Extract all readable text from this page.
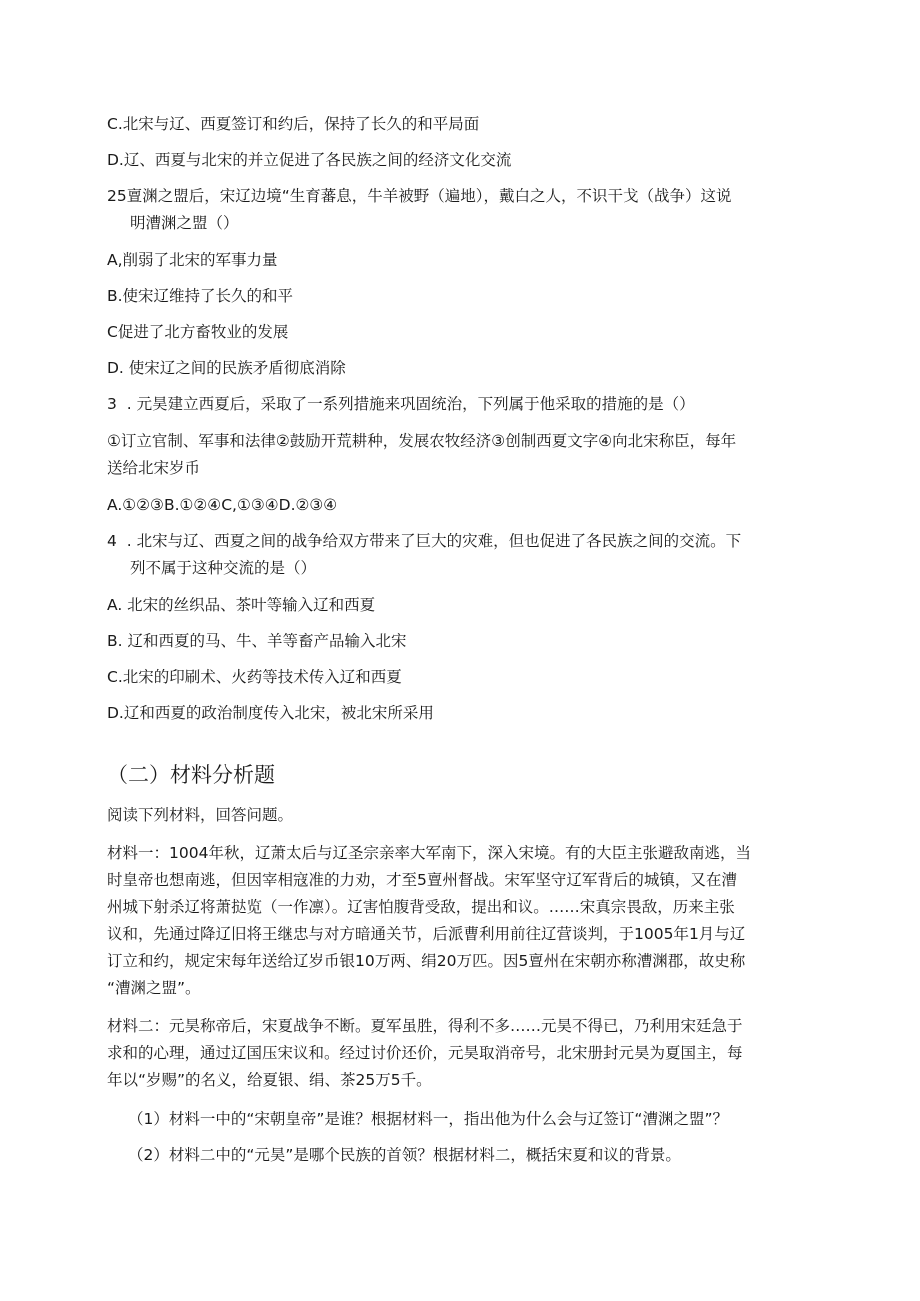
C.北宋与辽、西夏签订和约后，保持了长久的和平局面
D.辽、西夏与北宋的并立促进了各民族之间的经济文化交流
25亶渊之盟后，宋辽边境“生育蕃息，牛羊被野（遍地），戴白之人，不识干戈（战争）这说
明漕渊之盟（）
A,削弱了北宋的军事力量
B.使宋辽维持了长久的和平
C促进了北方畜牧业的发展
D. 使宋辽之间的民族矛盾彻底消除
3  . 元昊建立西夏后，采取了一系列措施来巩固统治，下列属于他采取的措施的是（）
①订立官制、军事和法律②鼓励开荒耕种，发展农牧经济③创制西夏文字④向北宋称臣，每年
送给北宋岁币
A.①②③B.①②④C,①③④D.②③④
4  . 北宋与辽、西夏之间的战争给双方带来了巨大的灾难，但也促进了各民族之间的交流。下
列不属于这种交流的是（）
A. 北宋的丝织品、茶叶等输入辽和西夏
B. 辽和西夏的马、牛、羊等畜产品输入北宋
C.北宋的印刷术、火药等技术传入辽和西夏
D.辽和西夏的政治制度传入北宋，被北宋所采用
（二）材料分析题
阅读下列材料，回答问题。
材料一：1004年秋，辽萧太后与辽圣宗亲率大军南下，深入宋境。有的大臣主张避敌南逃，当
时皇帝也想南逃，但因宰相寇准的力劝，才至5亶州督战。宋军坚守辽军背后的城镇，又在漕
州城下射杀辽将萧挞览（一作凛）。辽害怕腹背受敌，提出和议。……宋真宗畏敌，历来主张
议和，先通过降辽旧将王继忠与对方暗通关节，后派曹利用前往辽营谈判，于1005年1月与辽
订立和约，规定宋每年送给辽岁币银10万两、绢20万匹。因5亶州在宋朝亦称漕渊郡，故史称
“漕渊之盟”。
材料二：元昊称帝后，宋夏战争不断。夏军虽胜，得利不多……元昊不得已，乃利用宋廷急于
求和的心理，通过辽国压宋议和。经过讨价还价，元昊取消帝号，北宋册封元昊为夏国主，每
年以“岁赐”的名义，给夏银、绢、茶25万5千。
（1）材料一中的“宋朝皇帝”是谁？根据材料一，指出他为什么会与辽签订“漕渊之盟”？
（2）材料二中的“元昊”是哪个民族的首领？根据材料二，概括宋夏和议的背景。
